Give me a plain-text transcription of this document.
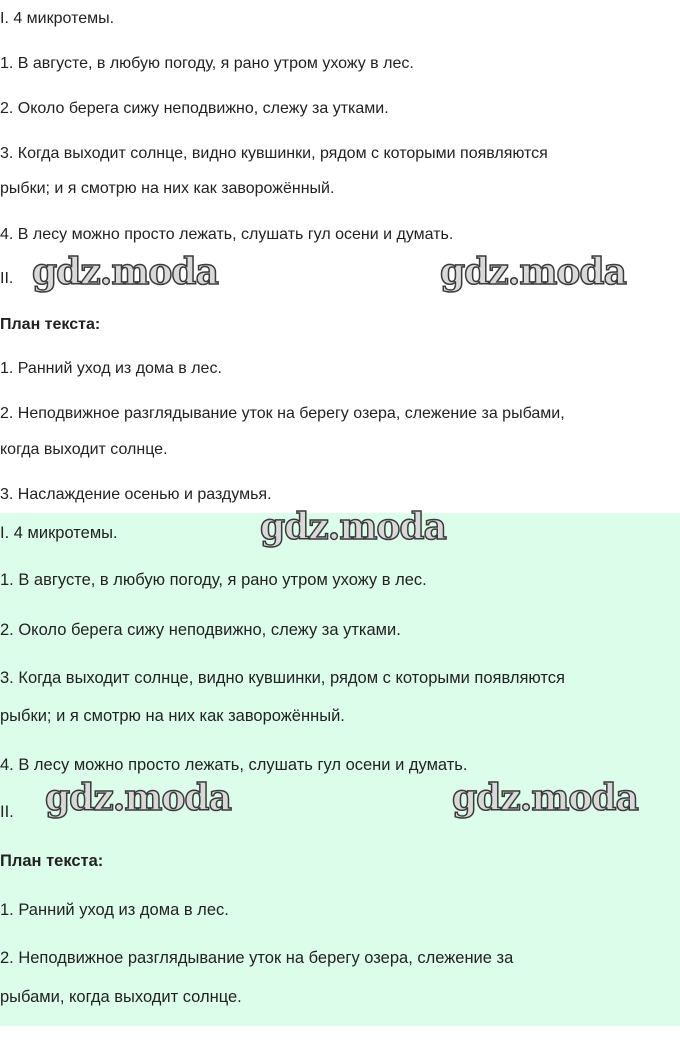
I. 4 микротемы.
1. В августе, в любую погоду, я рано утром ухожу в лес.
2. Около берега сижу неподвижно, слежу за утками.
3. Когда выходит солнце, видно кувшинки, рядом с которыми появляются
рыбки; и я смотрю на них как заворожённый.
4. В лесу можно просто лежать, слушать гул осени и думать.
II.
План текста:
1. Ранний уход из дома в лес.
2. Неподвижное разглядывание уток на берегу озера, слежение за рыбами,
когда выходит солнце.
3. Наслаждение осенью и раздумья.
I. 4 микротемы.
1. В августе, в любую погоду, я рано утром ухожу в лес.
2. Около берега сижу неподвижно, слежу за утками.
3. Когда выходит солнце, видно кувшинки, рядом с которыми появляются
рыбки; и я смотрю на них как заворожённый.
4. В лесу можно просто лежать, слушать гул осени и думать.
II.
План текста:
1. Ранний уход из дома в лес.
2. Неподвижное разглядывание уток на берегу озера, слежение за
рыбами, когда выходит солнце.
gdz.moda	gdz.moda
gdz.moda
gdz.moda	gdz.moda
